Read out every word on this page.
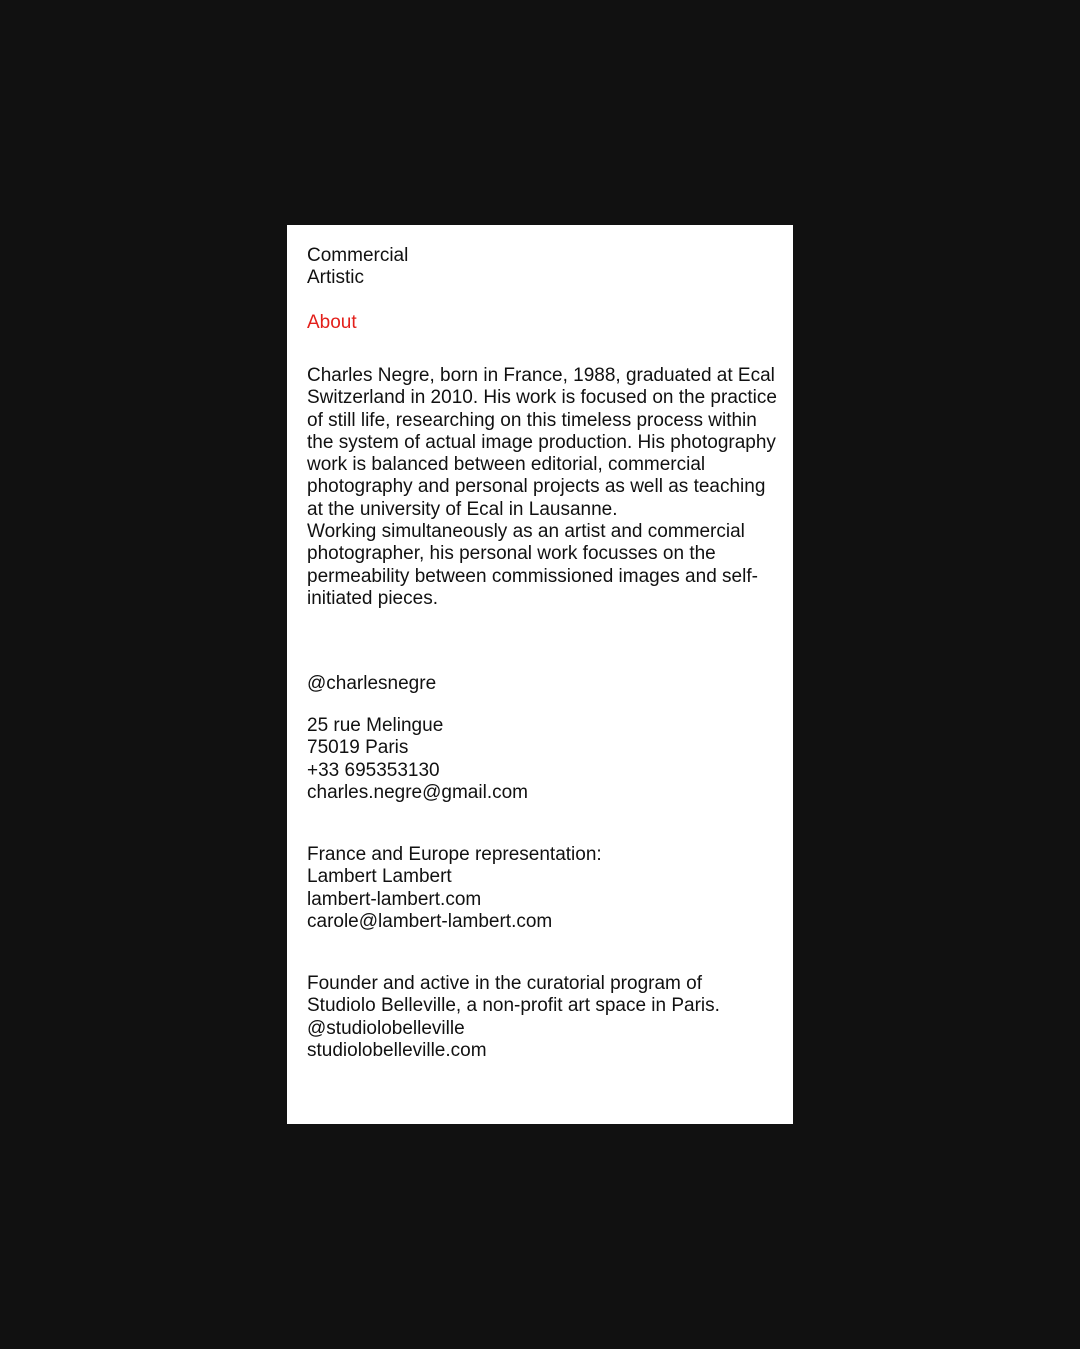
Commercial
Artistic
About

Charles Negre, born in France, 1988, graduated at Ecal Switzerland in 2010. His work is focused on the practice of still life, researching on this timeless process within the system of actual image production. His photography work is balanced between editorial, commercial photography and personal projects as well as teaching at the university of Ecal in Lausanne.

Working simultaneously as an artist and commercial photographer, his personal work focusses on the permeability between commissioned images and self-initiated pieces.

@charlesnegre

25 rue Melingue

75019 Paris

+33 695353130

charles.negre@gmail.com

France and Europe representation:

Lambert Lambert

lambert-lambert.com

carole@lambert-lambert.com

Founder and active in the curatorial program of

Studiolo Belleville, a non-profit art space in Paris.

@studiolobelleville

studiolobelleville.com
